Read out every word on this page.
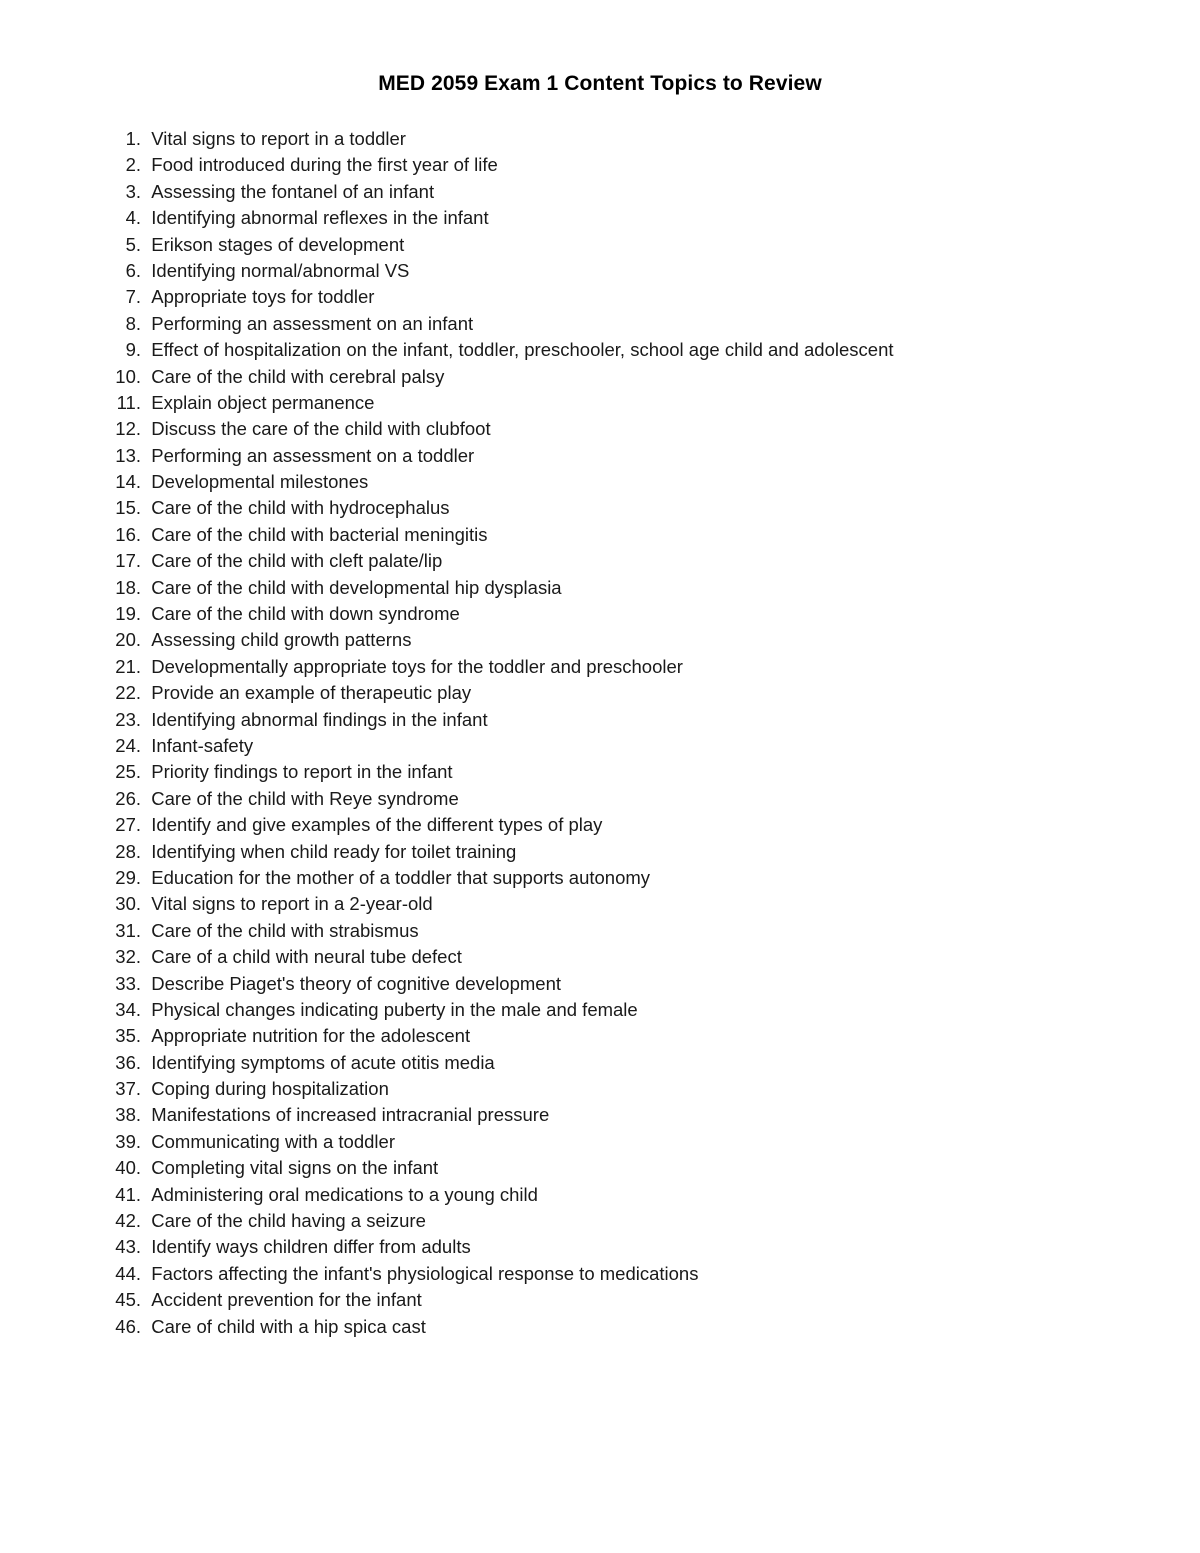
MED 2059 Exam 1 Content Topics to Review
1. Vital signs to report in a toddler
2. Food introduced during the first year of life
3. Assessing the fontanel of an infant
4. Identifying abnormal reflexes in the infant
5. Erikson stages of development
6. Identifying normal/abnormal VS
7. Appropriate toys for toddler
8. Performing an assessment on an infant
9. Effect of hospitalization on the infant, toddler, preschooler, school age child and adolescent
10. Care of the child with cerebral palsy
11. Explain object permanence
12. Discuss the care of the child with clubfoot
13. Performing an assessment on a toddler
14. Developmental milestones
15. Care of the child with hydrocephalus
16. Care of the child with bacterial meningitis
17. Care of the child with cleft palate/lip
18. Care of the child with developmental hip dysplasia
19. Care of the child with down syndrome
20. Assessing child growth patterns
21. Developmentally appropriate toys for the toddler and preschooler
22. Provide an example of therapeutic play
23. Identifying abnormal findings in the infant
24. Infant-safety
25. Priority findings to report in the infant
26. Care of the child with Reye syndrome
27. Identify and give examples of the different types of play
28. Identifying when child ready for toilet training
29. Education for the mother of a toddler that supports autonomy
30. Vital signs to report in a 2-year-old
31. Care of the child with strabismus
32. Care of a child with neural tube defect
33. Describe Piaget's theory of cognitive development
34. Physical changes indicating puberty in the male and female
35. Appropriate nutrition for the adolescent
36. Identifying symptoms of acute otitis media
37. Coping during hospitalization
38. Manifestations of increased intracranial pressure
39. Communicating with a toddler
40. Completing vital signs on the infant
41. Administering oral medications to a young child
42. Care of the child having a seizure
43. Identify ways children differ from adults
44. Factors affecting the infant's physiological response to medications
45. Accident prevention for the infant
46. Care of child with a hip spica cast
